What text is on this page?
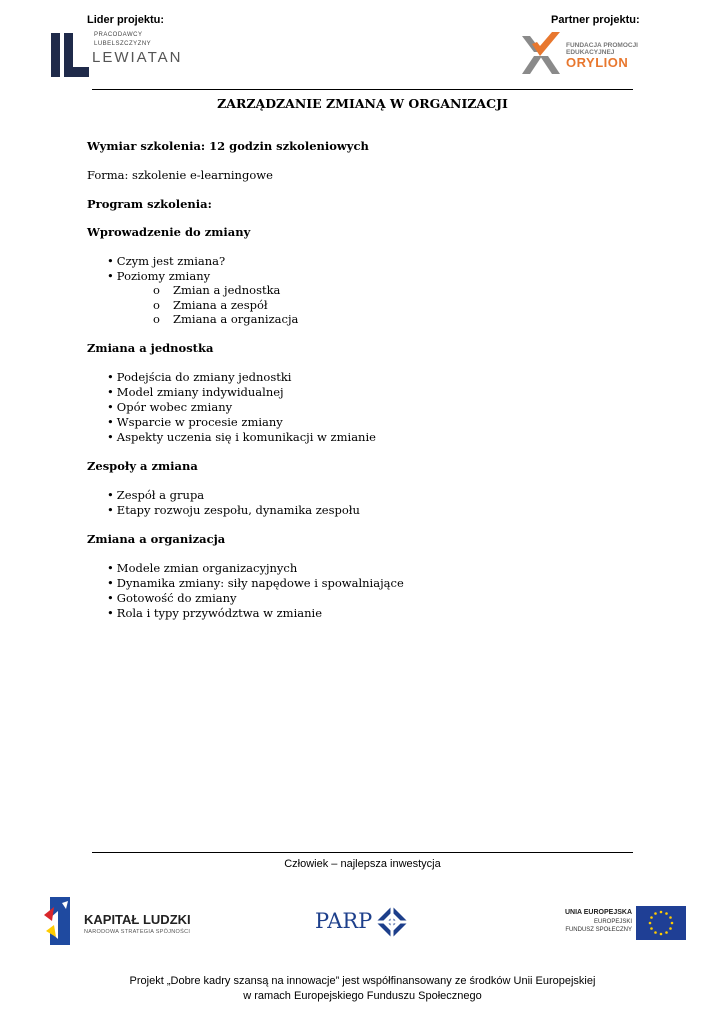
Lider projektu:	Partner projektu:
PRACODAWCY
LUBELSZCZYZNY
LEWIATAN
FUNDACJA PROMOCJI
EDUKACYJNEJ
ORYLION
ZARZĄDZANIE ZMIANĄ W ORGANIZACJI
Wymiar szkolenia: 12 godzin szkoleniowych
Forma: szkolenie e-learningowe
Program szkolenia:
Wprowadzenie do zmiany
• Czym jest zmiana?
• Poziomy zmiany
o Zmian a jednostka
o Zmiana a zespół
o Zmiana a organizacja
Zmiana a jednostka
• Podejścia do zmiany jednostki
• Model zmiany indywidualnej
• Opór wobec zmiany
• Wsparcie w procesie zmiany
• Aspekty uczenia się i komunikacji w zmianie
Zespoły a zmiana
• Zespół a grupa
• Etapy rozwoju zespołu, dynamika zespołu
Zmiana a organizacja
• Modele zmian organizacyjnych
• Dynamika zmiany: siły napędowe i spowalniające
• Gotowość do zmiany
• Rola i typy przywództwa w zmianie
Człowiek – najlepsza inwestycja
KAPITAŁ LUDZKI
NARODOWA STRATEGIA SPÓJNOŚCI	PARP	UNIA EUROPEJSKA
EUROPEJSKI
FUNDUSZ SPOŁECZNY
Projekt „Dobre kadry szansą na innowacje” jest współfinansowany ze środków Unii Europejskiej
w ramach Europejskiego Funduszu Społecznego
